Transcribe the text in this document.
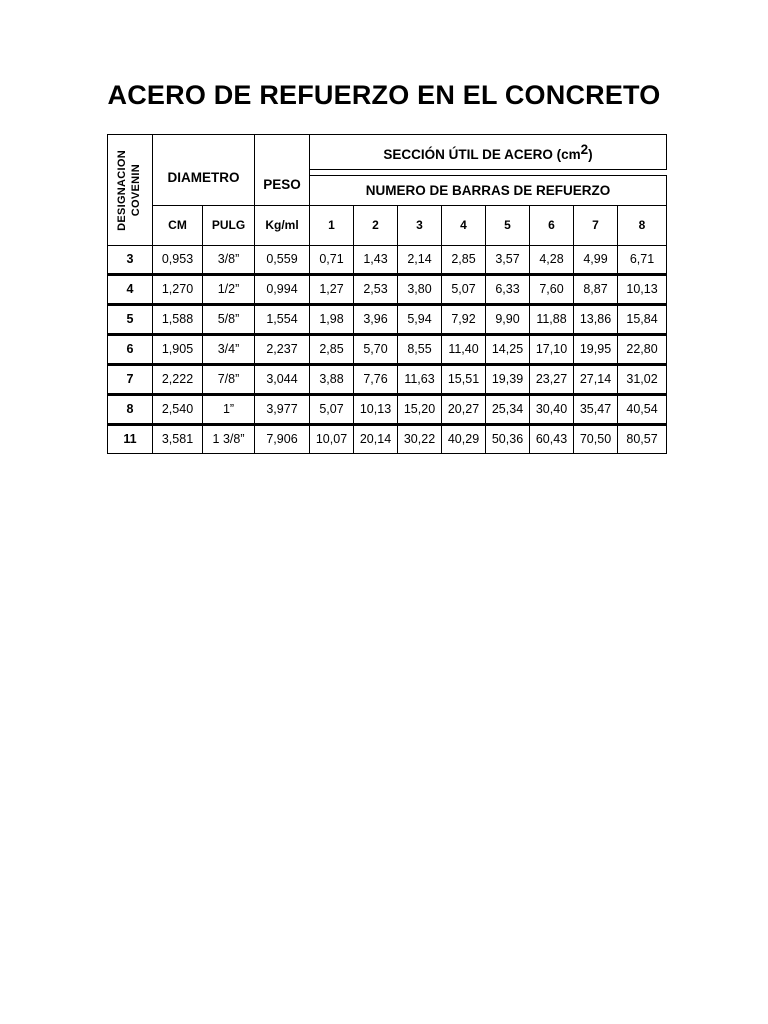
ACERO DE REFUERZO EN EL CONCRETO
DESIGNACION COVENIN	DIAMETRO		PESO	SECCIÓN ÚTIL DE ACERO $(cm^2)$							

				NUMERO DE BARRAS DE REFUERZO							
	CM	PULG	Kg/ml	1	2	3	4	5	6	7	8
3	0,953	3/8”	0,559	0,71	1,43	2,14	2,85	3,57	4,28	4,99	6,71
4	1,270	1/2”	0,994	1,27	2,53	3,80	5,07	6,33	7,60	8,87	10,13
5	1,588	5/8”	1,554	1,98	3,96	5,94	7,92	9,90	11,88	13,86	15,84
6	1,905	3/4”	2,237	2,85	5,70	8,55	11,40	14,25	17,10	19,95	22,80
7	2,222	7/8”	3,044	3,88	7,76	11,63	15,51	19,39	23,27	27,14	31,02
8	2,540	1”	3,977	5,07	10,13	15,20	20,27	25,34	30,40	35,47	40,54
11	3,581	1 3/8”	7,906	10,07	20,14	30,22	40,29	50,36	60,43	70,50	80,57
